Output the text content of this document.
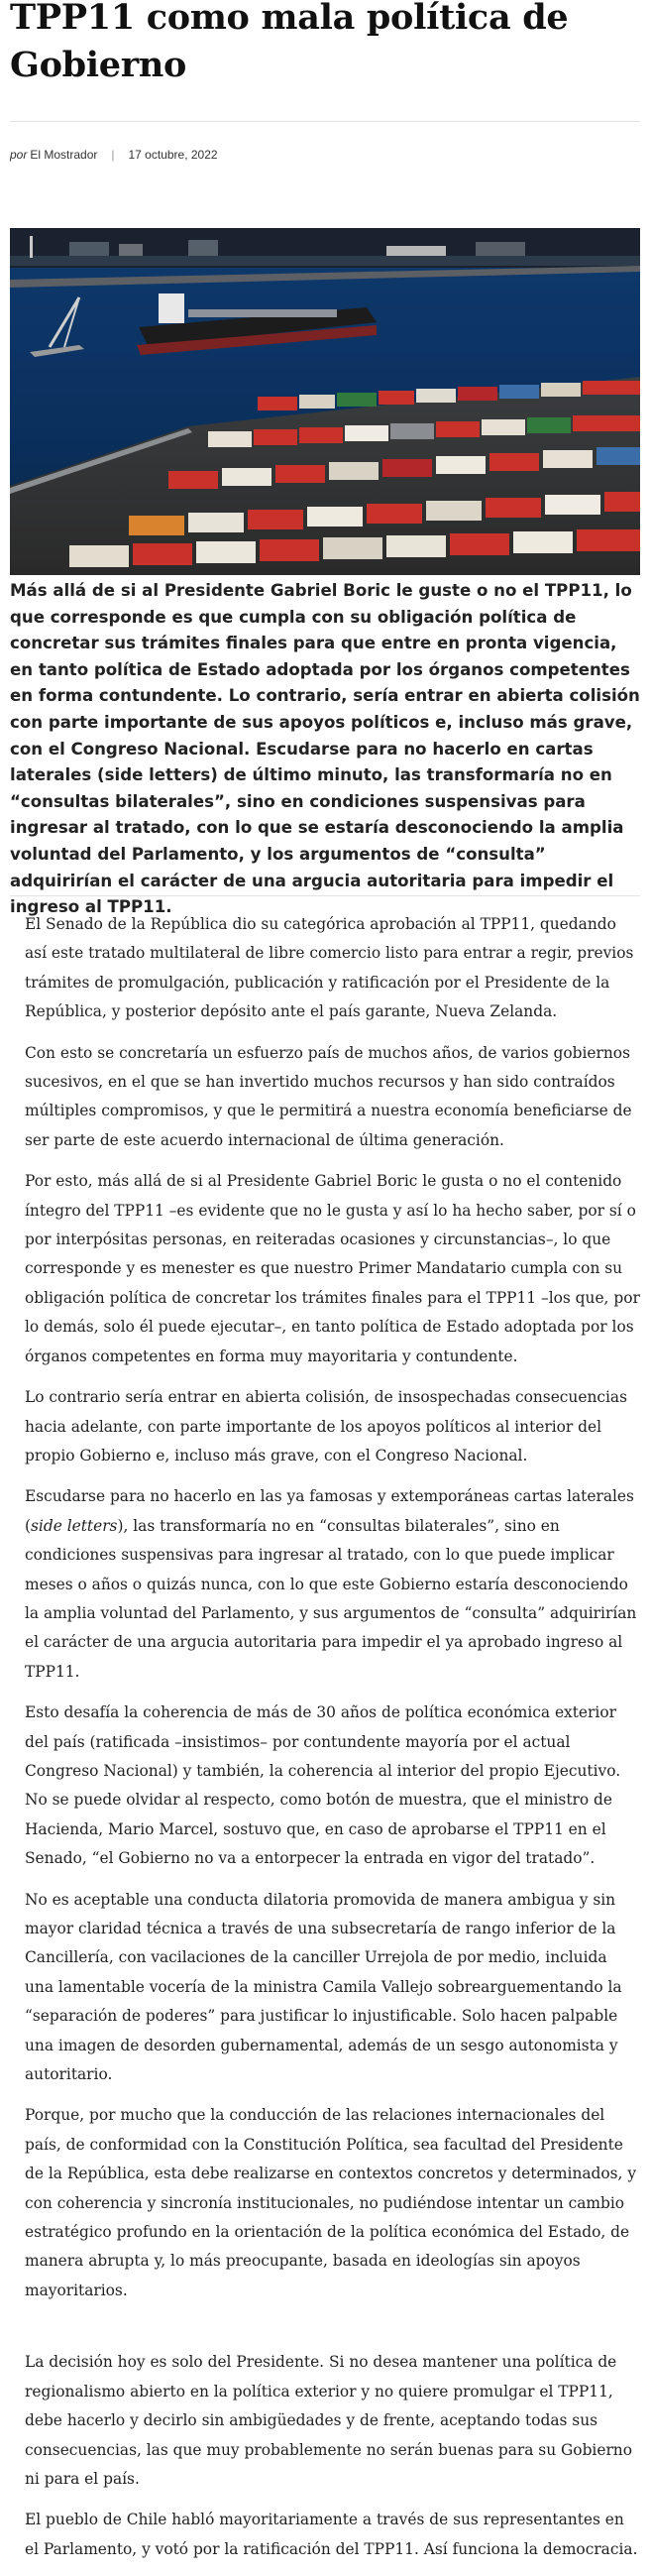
TPP11 como mala política de Gobierno
por El Mostrador | 17 octubre, 2022

Más allá de si al Presidente Gabriel Boric le guste o no el TPP11, lo que corresponde es que cumpla con su obligación política de concretar sus trámites finales para que entre en pronta vigencia, en tanto política de Estado adoptada por los órganos competentes en forma contundente. Lo contrario, sería entrar en abierta colisión con parte importante de sus apoyos políticos e, incluso más grave, con el Congreso Nacional. Escudarse para no hacerlo en cartas laterales (side letters) de último minuto, las transformaría no en “consultas bilaterales”, sino en condiciones suspensivas para ingresar al tratado, con lo que se estaría desconociendo la amplia voluntad del Parlamento, y los argumentos de “consulta” adquirirían el carácter de una argucia autoritaria para impedir el ingreso al TPP11.

El Senado de la República dio su categórica aprobación al TPP11, quedando así este tratado multilateral de libre comercio listo para entrar a regir, previos trámites de promulgación, publicación y ratificación por el Presidente de la República, y posterior depósito ante el país garante, Nueva Zelanda.

Con esto se concretaría un esfuerzo país de muchos años, de varios gobiernos sucesivos, en el que se han invertido muchos recursos y han sido contraídos múltiples compromisos, y que le permitirá a nuestra economía beneficiarse de ser parte de este acuerdo internacional de última generación.

Por esto, más allá de si al Presidente Gabriel Boric le gusta o no el contenido íntegro del TPP11 –es evidente que no le gusta y así lo ha hecho saber, por sí o por interpósitas personas, en reiteradas ocasiones y circunstancias–, lo que corresponde y es menester es que nuestro Primer Mandatario cumpla con su obligación política de concretar los trámites finales para el TPP11 –los que, por lo demás, solo él puede ejecutar–, en tanto política de Estado adoptada por los órganos competentes en forma muy mayoritaria y contundente.

Lo contrario sería entrar en abierta colisión, de insospechadas consecuencias hacia adelante, con parte importante de los apoyos políticos al interior del propio Gobierno e, incluso más grave, con el Congreso Nacional.

Escudarse para no hacerlo en las ya famosas y extemporáneas cartas laterales (side letters), las transformaría no en “consultas bilaterales”, sino en condiciones suspensivas para ingresar al tratado, con lo que puede implicar meses o años o quizás nunca, con lo que este Gobierno estaría desconociendo la amplia voluntad del Parlamento, y sus argumentos de “consulta” adquirirían el carácter de una argucia autoritaria para impedir el ya aprobado ingreso al TPP11.

Esto desafía la coherencia de más de 30 años de política económica exterior del país (ratificada –insistimos– por contundente mayoría por el actual Congreso Nacional) y también, la coherencia al interior del propio Ejecutivo. No se puede olvidar al respecto, como botón de muestra, que el ministro de Hacienda, Mario Marcel, sostuvo que, en caso de aprobarse el TPP11 en el Senado, “el Gobierno no va a entorpecer la entrada en vigor del tratado”.

No es aceptable una conducta dilatoria promovida de manera ambigua y sin mayor claridad técnica a través de una subsecretaría de rango inferior de la Cancillería, con vacilaciones de la canciller Urrejola de por medio, incluida una lamentable vocería de la ministra Camila Vallejo sobrearguementando la “separación de poderes” para justificar lo injustificable. Solo hacen palpable una imagen de desorden gubernamental, además de un sesgo autonomista y autoritario.

Porque, por mucho que la conducción de las relaciones internacionales del país, de conformidad con la Constitución Política, sea facultad del Presidente de la República, esta debe realizarse en contextos concretos y determinados, y con coherencia y sincronía institucionales, no pudiéndose intentar un cambio estratégico profundo en la orientación de la política económica del Estado, de manera abrupta y, lo más preocupante, basada en ideologías sin apoyos mayoritarios.

La decisión hoy es solo del Presidente. Si no desea mantener una política de regionalismo abierto en la política exterior y no quiere promulgar el TPP11, debe hacerlo y decirlo sin ambigüedades y de frente, aceptando todas sus consecuencias, las que muy probablemente no serán buenas para su Gobierno ni para el país.

El pueblo de Chile habló mayoritariamente a través de sus representantes en el Parlamento, y votó por la ratificación del TPP11. Así funciona la democracia.
